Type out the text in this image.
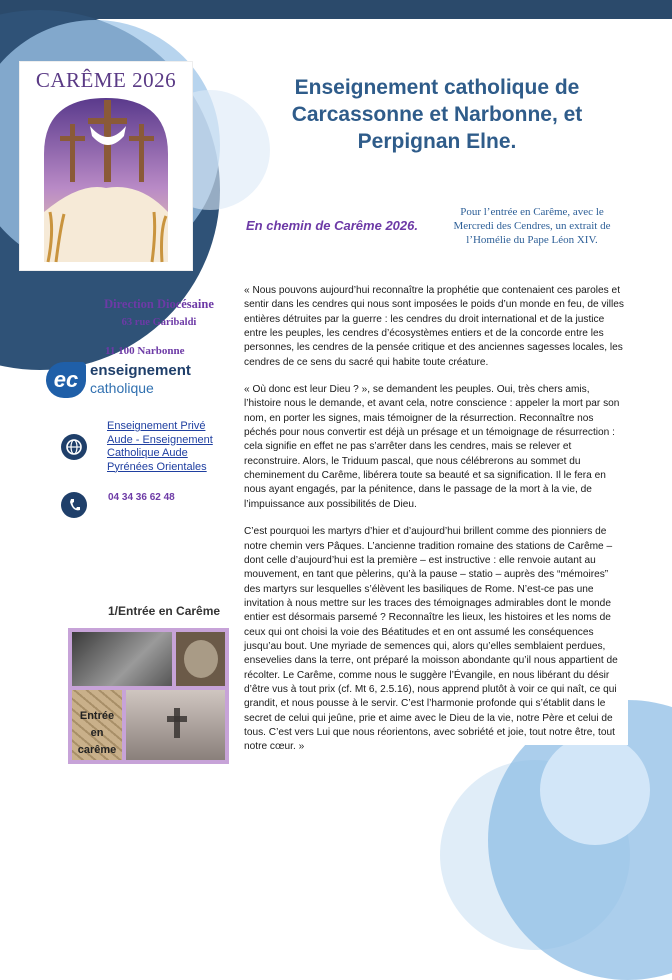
CARÊME 2026	Enseignement catholique de Carcassonne et Narbonne, et Perpignan Elne.
En chemin de Carême 2026.
Pour l’entrée en Carême, avec le Mercredi des Cendres, un extrait de l’Homélie du Pape Léon XIV.
Direction Diocésaine
63 rue Garibaldi
11 100 Narbonne
ec enseignement
catholique
Enseignement Privé Aude - Enseignement Catholique Aude Pyrénées Orientales
04 34 36 62 48
1/Entrée en Carême
Entrée en carême

« Nous pouvons aujourd’hui reconnaître la prophétie que contenaient ces paroles et sentir dans les cendres qui nous sont imposées le poids d’un monde en feu, de villes entières détruites par la guerre : les cendres du droit international et de la justice entre les peuples, les cendres d’écosystèmes entiers et de la concorde entre les personnes, les cendres de la pensée critique et des anciennes sagesses locales, les cendres de ce sens du sacré qui habite toute créature.

« Où donc est leur Dieu ? », se demandent les peuples. Oui, très chers amis, l’histoire nous le demande, et avant cela, notre conscience : appeler la mort par son nom, en porter les signes, mais témoigner de la résurrection. Reconnaître nos péchés pour nous convertir est déjà un présage et un témoignage de résurrection : cela signifie en effet ne pas s’arrêter dans les cendres, mais se relever et reconstruire. Alors, le Triduum pascal, que nous célébrerons au sommet du cheminement du Carême, libérera toute sa beauté et sa signification. Il le fera en nous ayant engagés, par la pénitence, dans le passage de la mort à la vie, de l’impuissance aux possibilités de Dieu.

C’est pourquoi les martyrs d’hier et d’aujourd’hui brillent comme des pionniers de notre chemin vers Pâques. L’ancienne tradition romaine des stations de Carême – dont celle d’aujourd’hui est la première – est instructive : elle renvoie autant au mouvement, en tant que pèlerins, qu’à la pause – statio – auprès des “mémoires” des martyrs sur lesquelles s’élèvent les basiliques de Rome. N’est-ce pas une invitation à nous mettre sur les traces des témoignages admirables dont le monde entier est désormais parsemé ? Reconnaître les lieux, les histoires et les noms de ceux qui ont choisi la voie des Béatitudes et en ont assumé les conséquences jusqu’au bout. Une myriade de semences qui, alors qu’elles semblaient perdues, ensevelies dans la terre, ont préparé la moisson abondante qu’il nous appartient de récolter. Le Carême, comme nous le suggère l’Évangile, en nous libérant du désir d’être vus à tout prix (cf. Mt 6, 2.5.16), nous apprend plutôt à voir ce qui naît, ce qui grandit, et nous pousse à le servir. C’est l’harmonie profonde qui s’établit dans le secret de celui qui jeûne, prie et aime avec le Dieu de la vie, notre Père et celui de tous. C’est vers Lui que nous réorientons, avec sobriété et joie, tout notre être, tout notre cœur. »
